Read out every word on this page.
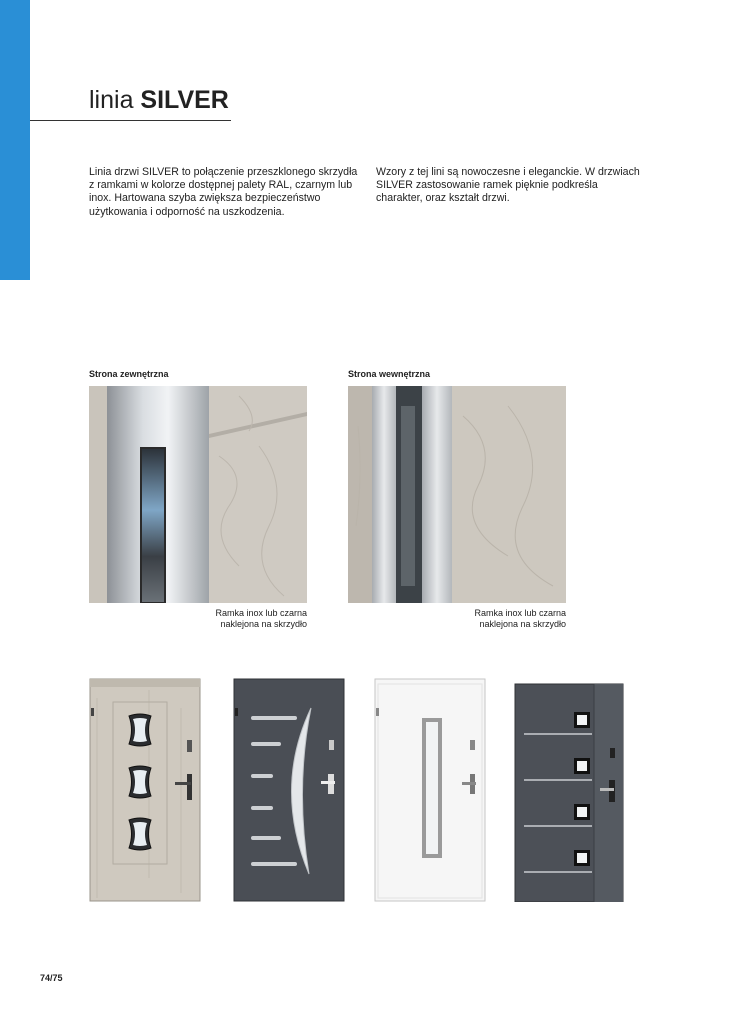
linia SILVER

Linia drzwi SILVER to połączenie przeszklonego skrzydła z ramkami w kolorze dostępnej palety RAL, czarnym lub inox. Hartowana szyba zwiększa bezpieczeństwo użytkowania i odporność na uszkodzenia.

Wzory z tej lini są nowoczesne i eleganckie. W drzwiach SILVER zastosowanie ramek pięknie podkreśla charakter, oraz kształt drzwi.

Strona zewnętrzna
Ramka inox lub czarna
naklejona na skrzydło
Strona wewnętrzna
Ramka inox lub czarna
naklejona na skrzydło
74/75
